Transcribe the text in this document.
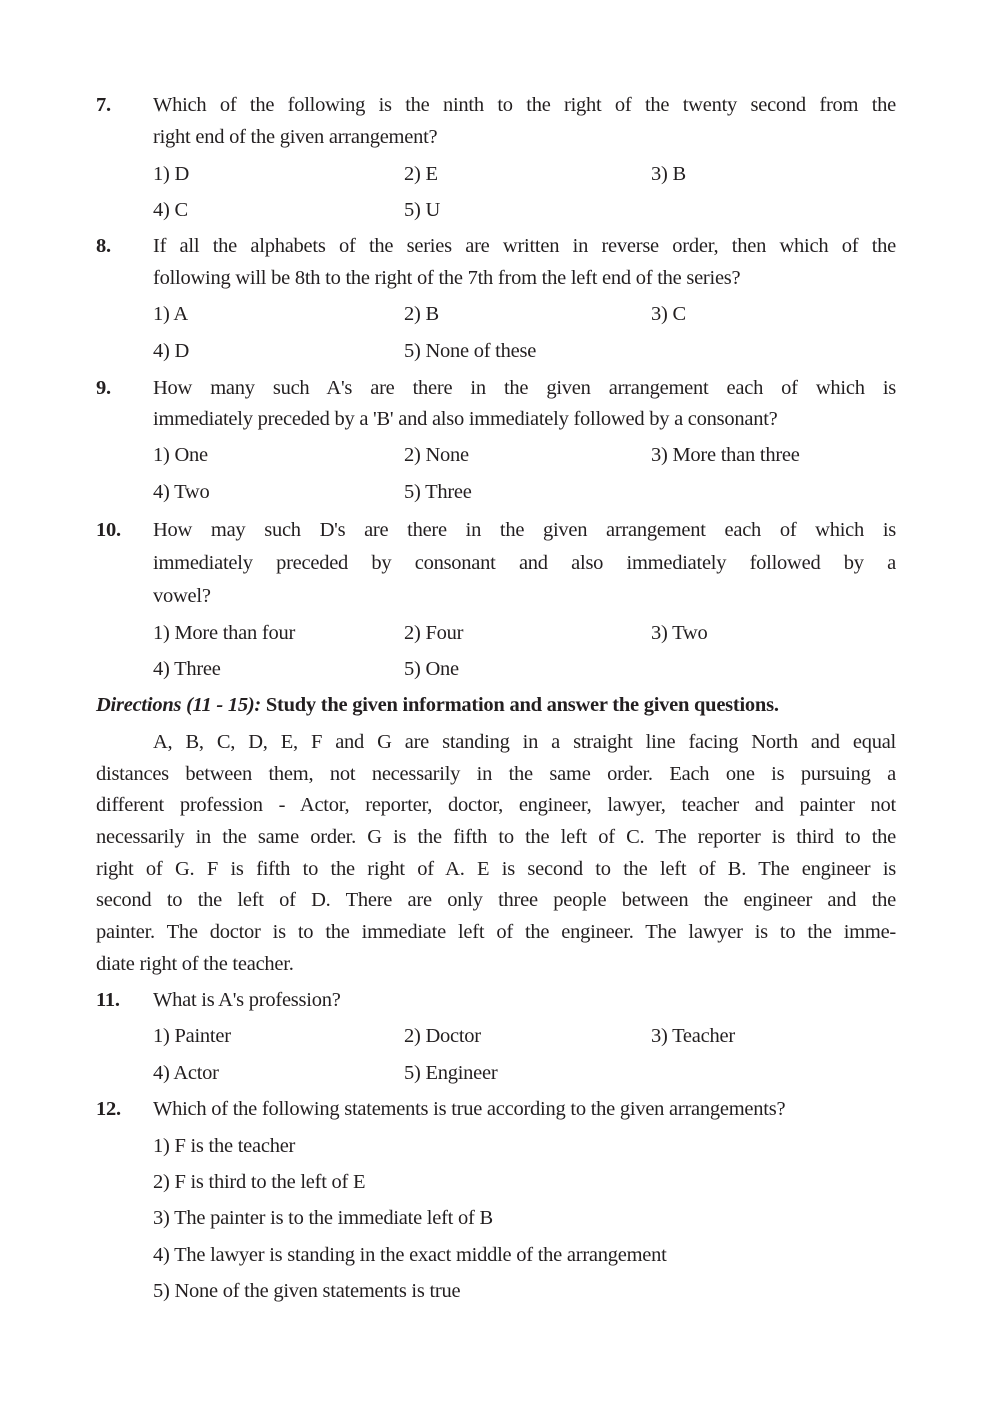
7. Which of the following is the ninth to the right of the twenty second from the
right end of the given arrangement?
1) D	2) E	3) B
4) C	5) U
8. If all the alphabets of the series are written in reverse order, then which of the
following will be 8th to the right of the 7th from the left end of the series?
1) A	2) B	3) C
4) D	5) None of these
9. How many such A's are there in the given arrangement each of which is
immediately preceded by a 'B' and also immediately followed by a consonant?
1) One	2) None	3) More than three
4) Two	5) Three
10. How may such D's are there in the given arrangement each of which is
immediately preceded by consonant and also immediately followed by a
vowel?
1) More than four	2) Four	3) Two
4) Three	5) One
Directions (11 - 15): Study the given information and answer the given questions.
A, B, C, D, E, F and G are standing in a straight line facing North and equal
distances between them, not necessarily in the same order. Each one is pursuing a
different profession - Actor, reporter, doctor, engineer, lawyer, teacher and painter not
necessarily in the same order. G is the fifth to the left of C. The reporter is third to the
right of G. F is fifth to the right of A. E is second to the left of B. The engineer is
second to the left of D. There are only three people between the engineer and the
painter. The doctor is to the immediate left of the engineer. The lawyer is to the imme-
diate right of the teacher.
11. What is A's profession?
1) Painter	2) Doctor	3) Teacher
4) Actor	5) Engineer
12. Which of the following statements is true according to the given arrangements?
1) F is the teacher
2) F is third to the left of E
3) The painter is to the immediate left of B
4) The lawyer is standing in the exact middle of the arrangement
5) None of the given statements is true
